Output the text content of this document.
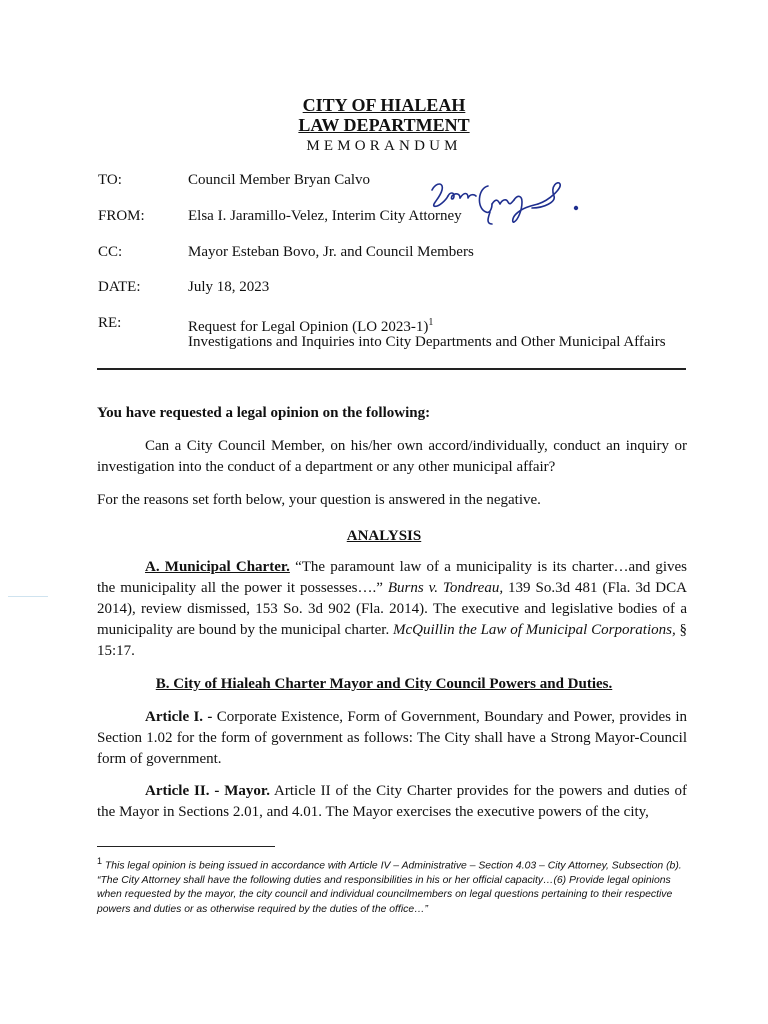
CITY OF HIALEAH
LAW DEPARTMENT
MEMORANDUM
TO:	Council Member Bryan Calvo
FROM:	Elsa I. Jaramillo-Velez, Interim City Attorney
CC:	Mayor Esteban Bovo, Jr. and Council Members
DATE:	July 18, 2023
RE:	Request for Legal Opinion (LO 2023-1)$^1$
Investigations and Inquiries into City Departments and Other Municipal Affairs
You have requested a legal opinion on the following:
Can a City Council Member, on his/her own accord/individually, conduct an inquiry or investigation into the conduct of a department or any other municipal affair?
For the reasons set forth below, your question is answered in the negative.
ANALYSIS
A. Municipal Charter. “The paramount law of a municipality is its charter…and gives the municipality all the power it possesses….” Burns v. Tondreau, 139 So.3d 481 (Fla. 3d DCA 2014), review dismissed, 153 So. 3d 902 (Fla. 2014). The executive and legislative bodies of a municipality are bound by the municipal charter. McQuillin the Law of Municipal Corporations, § 15:17.
B. City of Hialeah Charter Mayor and City Council Powers and Duties.
Article I. - Corporate Existence, Form of Government, Boundary and Power, provides in Section 1.02 for the form of government as follows: The City shall have a Strong Mayor-Council form of government.
Article II. - Mayor. Article II of the City Charter provides for the powers and duties of the Mayor in Sections 2.01, and 4.01. The Mayor exercises the executive powers of the city,
$^1$ This legal opinion is being issued in accordance with Article IV – Administrative – Section 4.03 – City Attorney, Subsection (b). “The City Attorney shall have the following duties and responsibilities in his or her official capacity…(6) Provide legal opinions when requested by the mayor, the city council and individual councilmembers on legal questions pertaining to their respective powers and duties or as otherwise required by the duties of the office…”
